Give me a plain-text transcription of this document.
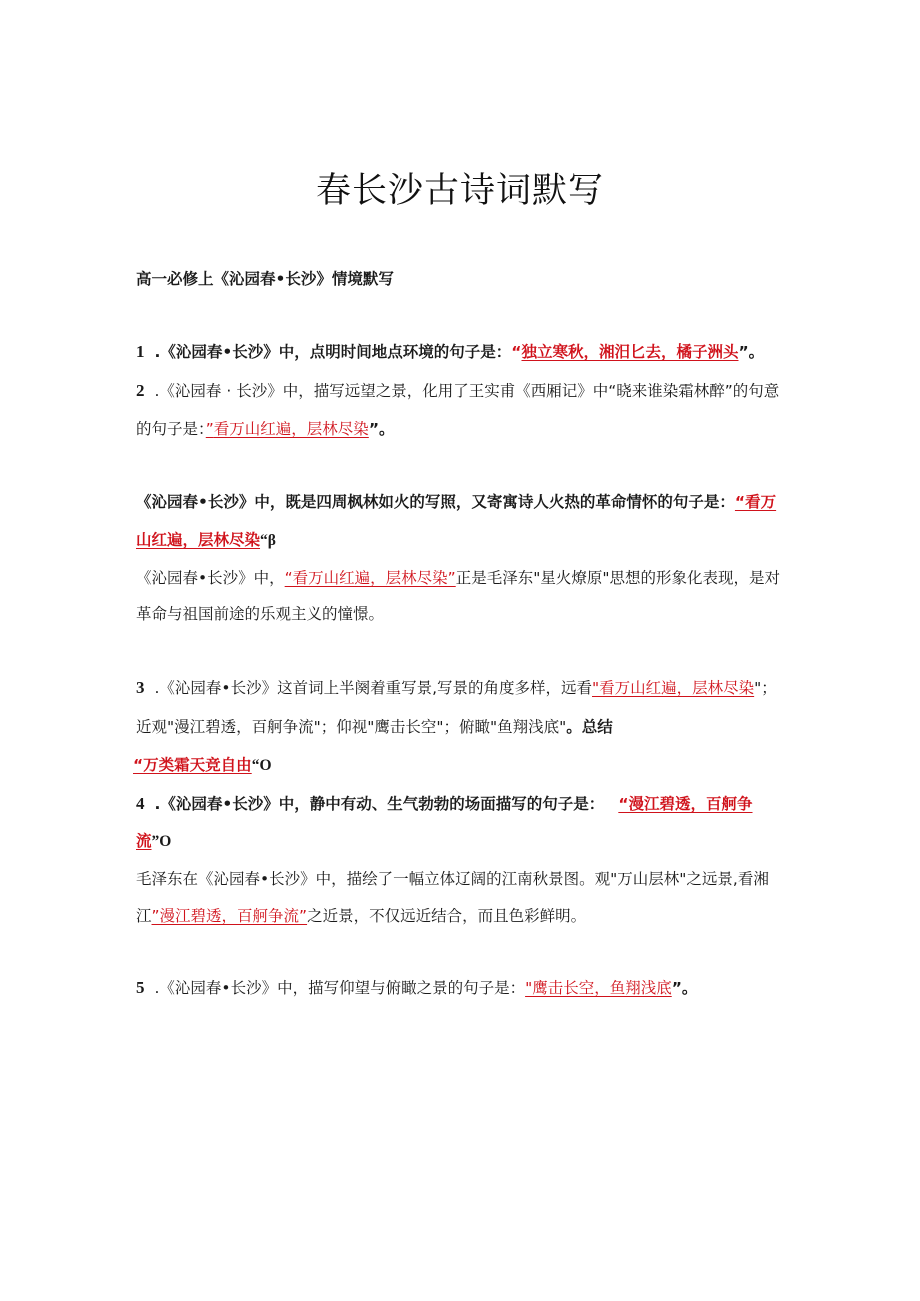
春长沙古诗词默写
高一必修上《沁园春•长沙》情境默写
1 .《沁园春•长沙》中，点明时间地点环境的句子是：“独立寒秋，湘汨匕去，橘子洲头”。
2 .《沁园春 · 长沙》中，描写远望之景，化用了王实甫《西厢记》中“晓来谁染霜林醉”的句意
的句子是：”看万山红遍，层林尽染”。
《沁园春•长沙》中，既是四周枫林如火的写照，又寄寓诗人火热的革命情怀的句子是：“看万
山红遍，层林尽染“β
《沁园春•长沙》中，“看万山红遍，层林尽染”正是毛泽东"星火燎原"思想的形象化表现，是对
革命与祖国前途的乐观主义的憧憬。
3 .《沁园春•长沙》这首词上半阕着重写景,写景的角度多样，远看"看万山红遍，层林尽染"；
近观"漫江碧透，百舸争流"；仰视"鹰击长空"；俯瞰"鱼翔浅底"。总结
“万类霜天竞自由“O
4 .《沁园春•长沙》中，静中有动、生气勃勃的场面描写的句子是： “漫江碧透，百舸争
流”O
毛泽东在《沁园春•长沙》中，描绘了一幅立体辽阔的江南秋景图。观"万山层林"之远景,看湘
江”漫江碧透，百舸争流”之近景，不仅远近结合，而且色彩鲜明。
5 .《沁园春•长沙》中，描写仰望与俯瞰之景的句子是："鹰击长空，鱼翔浅底”。
